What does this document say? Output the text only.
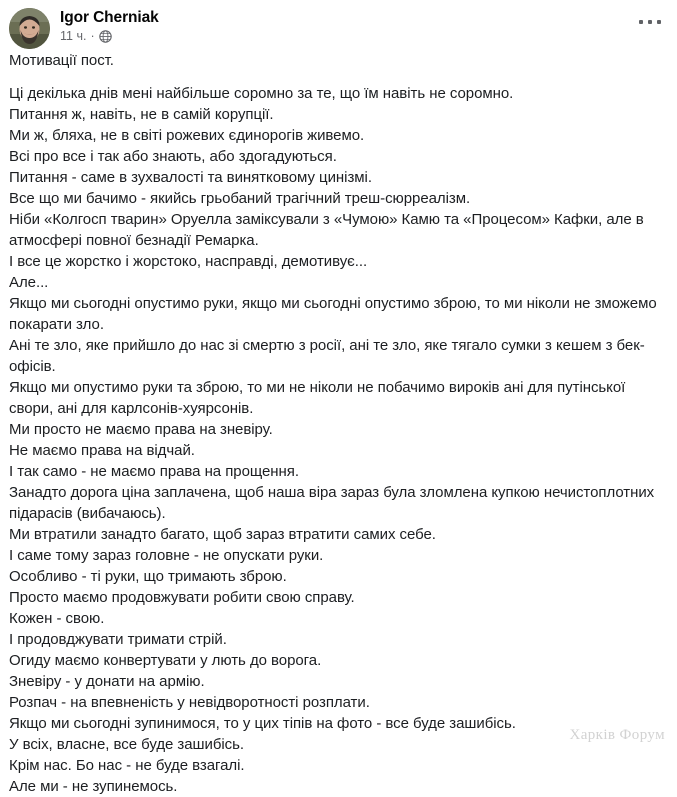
Igor Cherniak
11 ч. ·

Мотивації пост.

Ці декілька днів мені найбільше соромно за те, що їм навіть не соромно.

Питання ж, навіть, не в самій корупції.

Ми ж, бляха, не в світі рожевих єдинорогів живемо.

Всі про все і так або знають, або здогадуються.

Питання - саме в зухвалості та винятковому цинізмі.

Все що ми бачимо - якийсь грьобаний трагічний треш-сюрреалізм.

Ніби «Колгосп тварин» Оруелла заміксували з «Чумою» Камю та «Процесом» Кафки, але в атмосфері повної безнадії Ремарка.

І все це жорстко і жорстоко, насправді, демотивує...

Але...

Якщо ми сьогодні опустимо руки, якщо ми сьогодні опустимо зброю, то ми ніколи не зможемо покарати зло.

Ані те зло, яке прийшло до нас зі смертю з росії, ані те зло, яке тягало сумки з кешем з бек-офісів.

Якщо ми опустимо руки та зброю, то ми не ніколи не побачимо вироків ані для путінської свори, ані для карлсонів-хуярсонів.

Ми просто не маємо права на зневіру.

Не маємо права на відчай.

І так само - не маємо права на прощення.

Занадто дорога ціна заплачена, щоб наша віра зараз була зломлена купкою нечистоплотних підарасів (вибачаюсь).

Ми втратили занадто багато, щоб зараз втратити самих себе.

І саме тому зараз головне - не опускати руки.

Особливо - ті руки, що тримають зброю.

Просто маємо продовжувати робити свою справу.

Кожен - свою.

І продовджувати тримати стрій.

Огиду маємо конвертувати у лють до ворога.

Зневіру - у донати на армію.

Розпач - на впевненість у невідворотності розплати.

Якщо ми сьогодні зупинимося, то у цих тіпів на фото - все буде зашибісь.

У всіх, власне, все буде зашибісь.

Крім нас. Бо нас - не буде взагалі.

Але ми - не зупинемось.

Харків Форум
